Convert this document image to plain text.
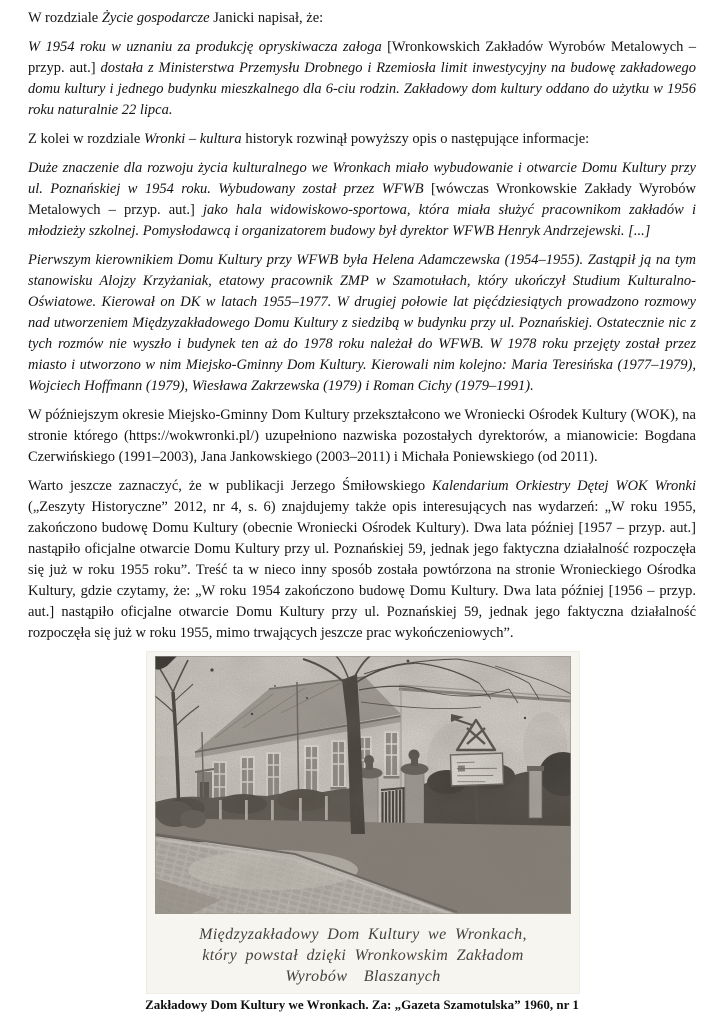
W rozdziale Życie gospodarcze Janicki napisał, że:

W 1954 roku w uznaniu za produkcję opryskiwacza załoga [Wronkowskich Zakładów Wyrobów Metalowych – przyp. aut.] dostała z Ministerstwa Przemysłu Drobnego i Rzemiosła limit inwestycyjny na budowę zakładowego domu kultury i jednego budynku mieszkalnego dla 6-ciu rodzin. Zakładowy dom kultury oddano do użytku w 1956 roku naturalnie 22 lipca.

Z kolei w rozdziale Wronki – kultura historyk rozwinął powyższy opis o następujące informacje:

Duże znaczenie dla rozwoju życia kulturalnego we Wronkach miało wybudowanie i otwarcie Domu Kultury przy ul. Poznańskiej w 1954 roku. Wybudowany został przez WFWB [wówczas Wronkowskie Zakłady Wyrobów Metalowych – przyp. aut.] jako hala widowiskowo-sportowa, która miała służyć pracownikom zakładów i młodzieży szkolnej. Pomysłodawcą i organizatorem budowy był dyrektor WFWB Henryk Andrzejewski. [...]

Pierwszym kierownikiem Domu Kultury przy WFWB była Helena Adamczewska (1954–1955). Zastąpił ją na tym stanowisku Alojzy Krzyżaniak, etatowy pracownik ZMP w Szamotułach, który ukończył Studium Kulturalno-Oświatowe. Kierował on DK w latach 1955–1977. W drugiej połowie lat pięćdziesiątych prowadzono rozmowy nad utworzeniem Międzyzakładowego Domu Kultury z siedzibą w budynku przy ul. Poznańskiej. Ostatecznie nic z tych rozmów nie wyszło i budynek ten aż do 1978 roku należał do WFWB. W 1978 roku przejęty został przez miasto i utworzono w nim Miejsko-Gminny Dom Kultury. Kierowali nim kolejno: Maria Teresińska (1977–1979), Wojciech Hoffmann (1979), Wiesława Zakrzewska (1979) i Roman Cichy (1979–1991).

W późniejszym okresie Miejsko-Gminny Dom Kultury przekształcono we Wroniecki Ośrodek Kultury (WOK), na stronie którego (https://wokwronki.pl/) uzupełniono nazwiska pozostałych dyrektorów, a mianowicie: Bogdana Czerwińskiego (1991–2003), Jana Jankowskiego (2003–2011) i Michała Poniewskiego (od 2011).

Warto jeszcze zaznaczyć, że w publikacji Jerzego Śmiłowskiego Kalendarium Orkiestry Dętej WOK Wronki („Zeszyty Historyczne” 2012, nr 4, s. 6) znajdujemy także opis interesujących nas wydarzeń: „W roku 1955, zakończono budowę Domu Kultury (obecnie Wroniecki Ośrodek Kultury). Dwa lata później [1957 – przyp. aut.] nastąpiło oficjalne otwarcie Domu Kultury przy ul. Poznańskiej 59, jednak jego faktyczna działalność rozpoczęła się już w roku 1955 roku”. Treść ta w nieco inny sposób została powtórzona na stronie Wronieckiego Ośrodka Kultury, gdzie czytamy, że: „W roku 1954 zakończono budowę Domu Kultury. Dwa lata później [1956 – przyp. aut.] nastąpiło oficjalne otwarcie Domu Kultury przy ul. Poznańskiej 59, jednak jego faktyczna działalność rozpoczęła się już w roku 1955, mimo trwających jeszcze prac wykończeniowych”.

Międzyzakładowy Dom Kultury we Wronkach,
który powstał dzięki Wronkowskim Zakładom
Wyrobów Blaszanych

Zakładowy Dom Kultury we Wronkach. Za: „Gazeta Szamotulska” 1960, nr 1
